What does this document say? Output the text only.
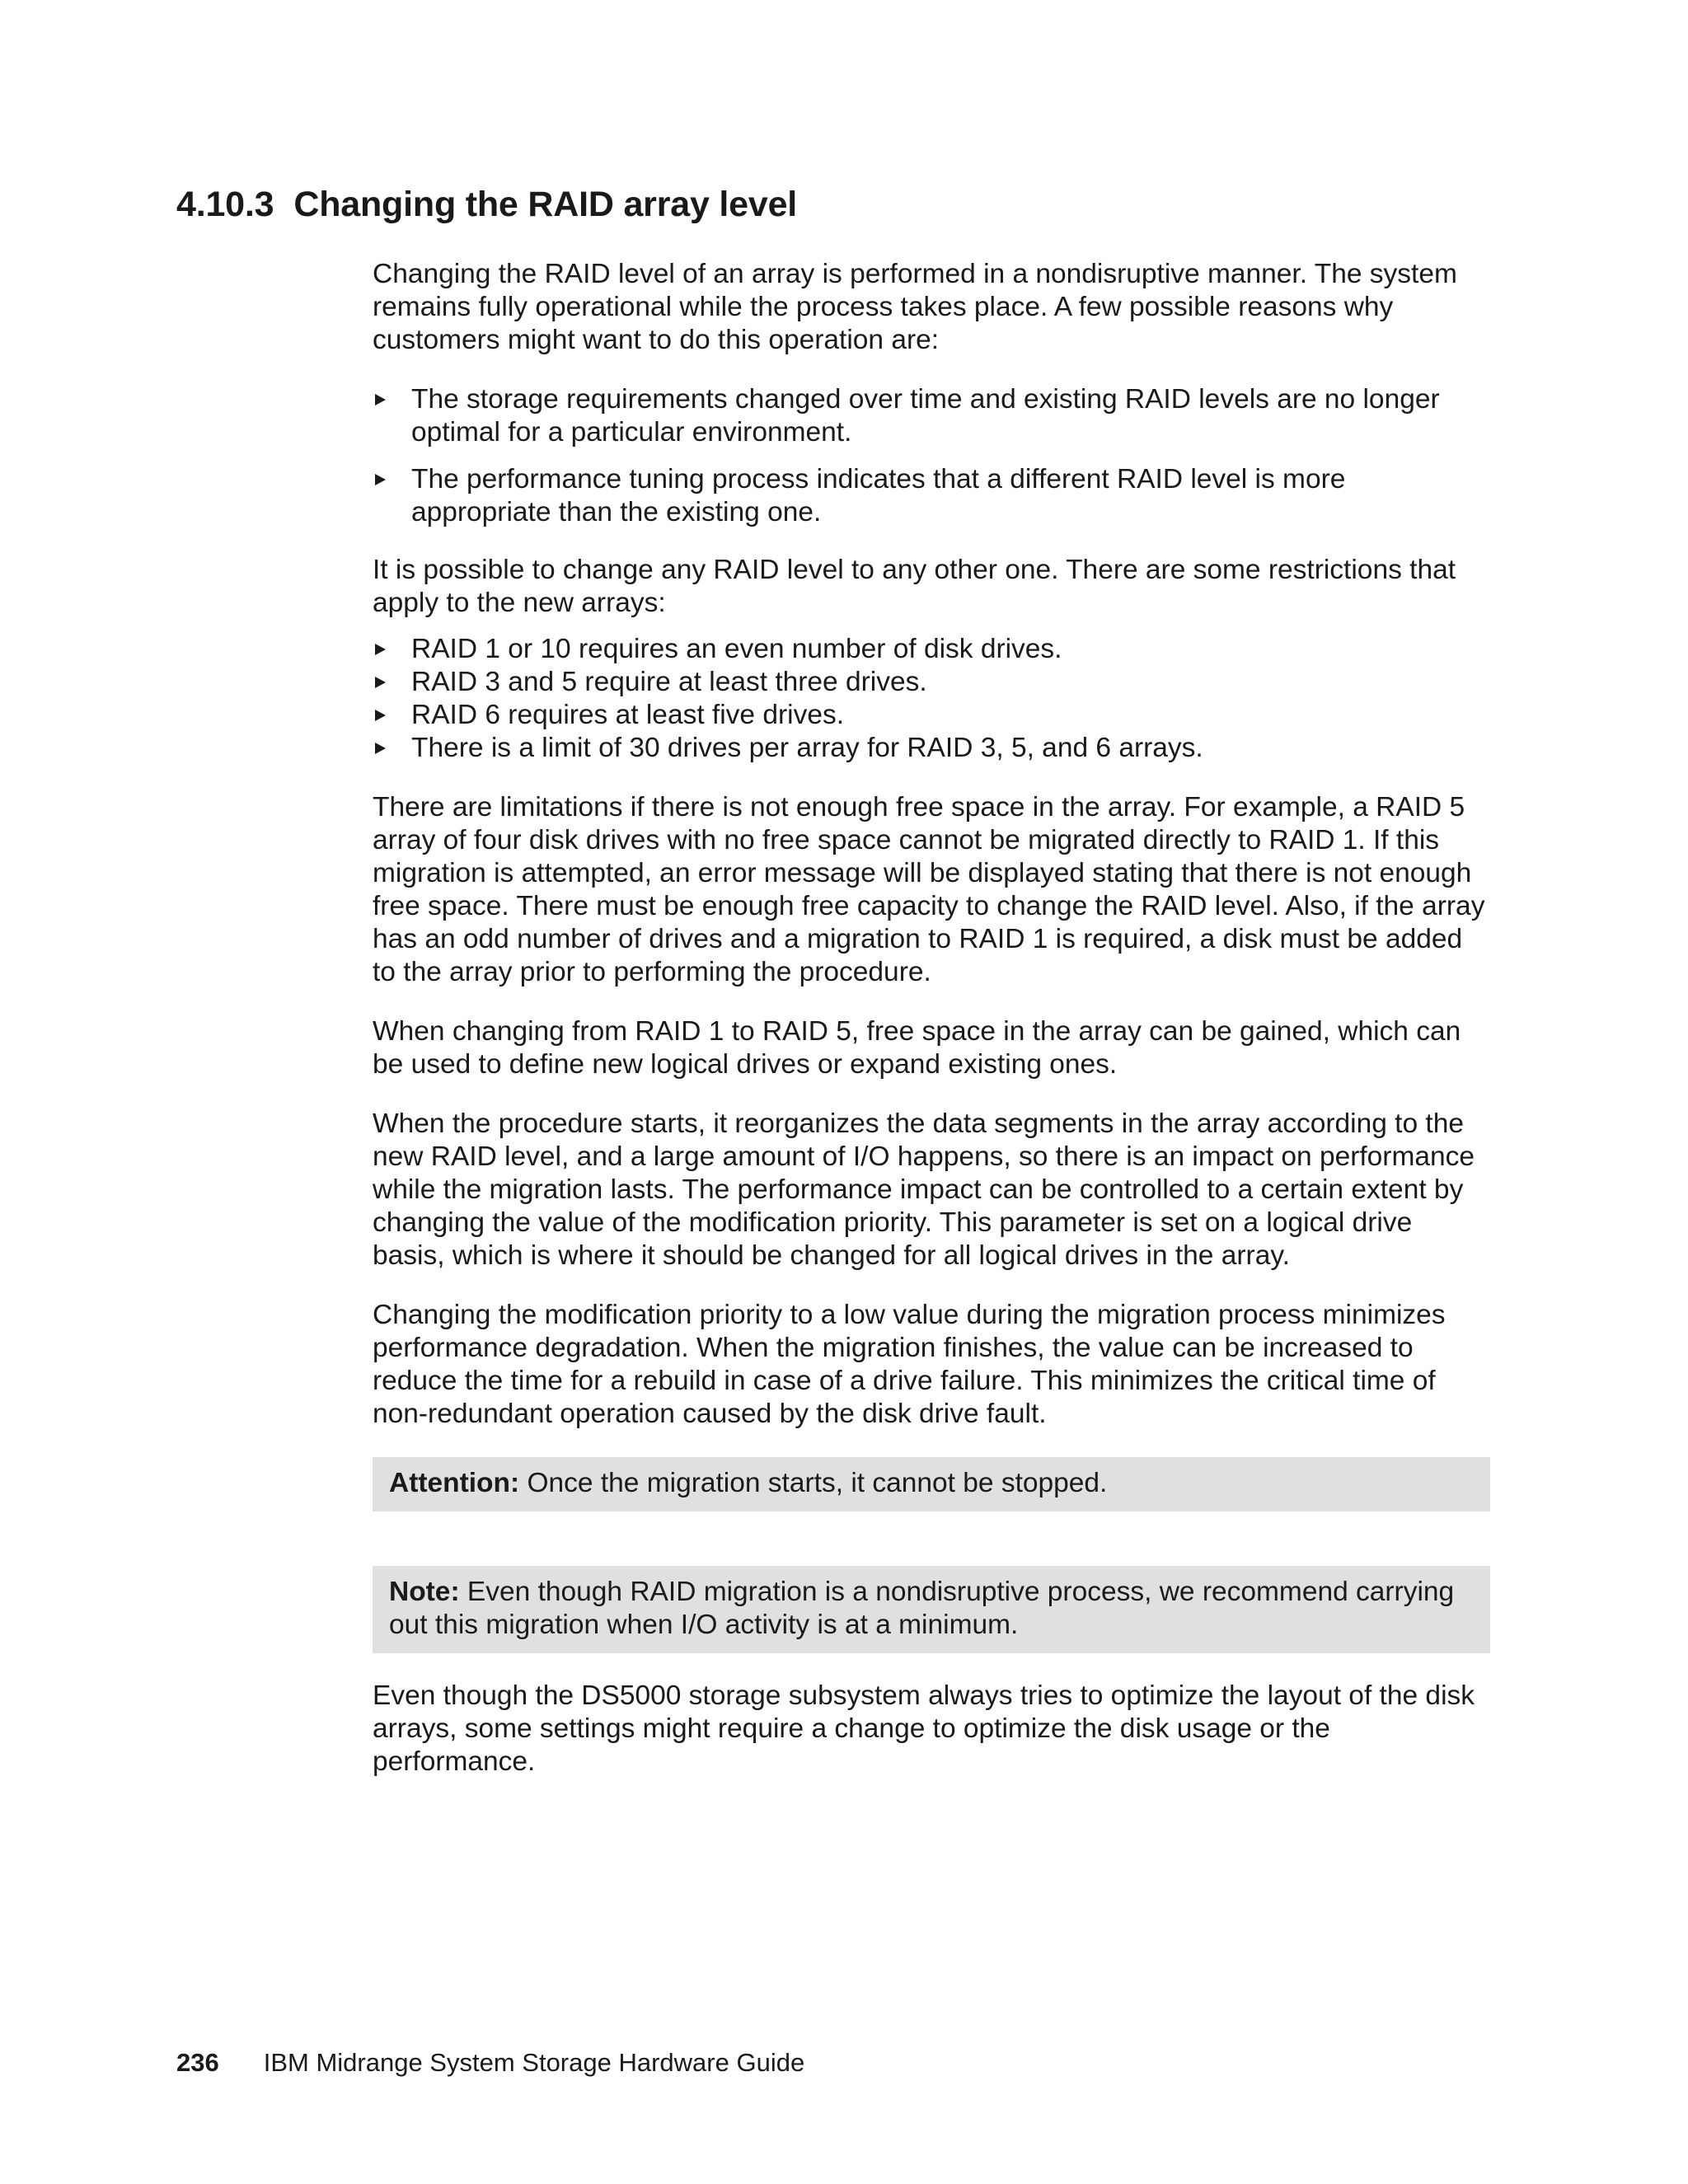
4.10.3 Changing the RAID array level

Changing the RAID level of an array is performed in a nondisruptive manner. The system remains fully operational while the process takes place. A few possible reasons why customers might want to do this operation are:

The storage requirements changed over time and existing RAID levels are no longer optimal for a particular environment.
The performance tuning process indicates that a different RAID level is more appropriate than the existing one.

It is possible to change any RAID level to any other one. There are some restrictions that apply to the new arrays:

RAID 1 or 10 requires an even number of disk drives.
RAID 3 and 5 require at least three drives.
RAID 6 requires at least five drives.
There is a limit of 30 drives per array for RAID 3, 5, and 6 arrays.

There are limitations if there is not enough free space in the array. For example, a RAID 5 array of four disk drives with no free space cannot be migrated directly to RAID 1. If this migration is attempted, an error message will be displayed stating that there is not enough free space. There must be enough free capacity to change the RAID level. Also, if the array has an odd number of drives and a migration to RAID 1 is required, a disk must be added to the array prior to performing the procedure.

When changing from RAID 1 to RAID 5, free space in the array can be gained, which can be used to define new logical drives or expand existing ones.

When the procedure starts, it reorganizes the data segments in the array according to the new RAID level, and a large amount of I/O happens, so there is an impact on performance while the migration lasts. The performance impact can be controlled to a certain extent by changing the value of the modification priority. This parameter is set on a logical drive basis, which is where it should be changed for all logical drives in the array.

Changing the modification priority to a low value during the migration process minimizes performance degradation. When the migration finishes, the value can be increased to reduce the time for a rebuild in case of a drive failure. This minimizes the critical time of non-redundant operation caused by the disk drive fault.

Attention: Once the migration starts, it cannot be stopped.
Note: Even though RAID migration is a nondisruptive process, we recommend carrying out this migration when I/O activity is at a minimum.

Even though the DS5000 storage subsystem always tries to optimize the layout of the disk arrays, some settings might require a change to optimize the disk usage or the performance.

236 IBM Midrange System Storage Hardware Guide
